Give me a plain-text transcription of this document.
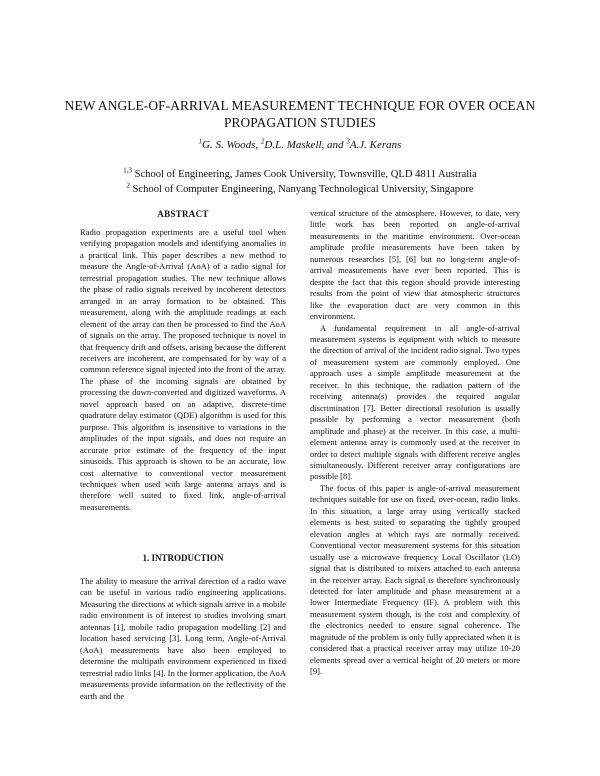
NEW ANGLE-OF-ARRIVAL MEASUREMENT TECHNIQUE FOR OVER OCEAN PROPAGATION STUDIES
$^1$G. S. Woods, $^2$D.L. Maskell, and $^3$A.J. Kerans
$^{1,3}$ School of Engineering, James Cook University, Townsville, QLD 4811 Australia
$^2$ School of Computer Engineering, Nanyang Technological University, Singapore
ABSTRACT

Radio propagation experiments are a useful tool when verifying propagation models and identifying anomalies in a practical link. This paper describes a new method to measure the Angle-of-Arrival (AoA) of a radio signal for terrestrial propagation studies. The new technique allows the phase of radio signals received by incoherent detectors arranged in an array formation to be obtained. This measurement, along with the amplitude readings at each element of the array can then be processed to find the AoA of signals on the array. The proposed technique is novel in that frequency drift and offsets, arising because the different receivers are incoherent, are compensated for by way of a common reference signal injected into the front of the array. The phase of the incoming signals are obtained by processing the down-converted and digitized waveforms. A novel approach based on an adaptive, discrete-time quadrature delay estimator (QDE) algorithm is used for this purpose. This algorithm is insensitive to variations in the amplitudes of the input signals, and does not require an accurate prior estimate of the frequency of the input sinusoids. This approach is shown to be an accurate, low cost alternative to conventional vector measurement techniques when used with large antenna arrays and is therefore well suited to fixed link, angle-of-arrival measurements.

1. INTRODUCTION

The ability to measure the arrival direction of a radio wave can be useful in various radio engineering applications. Measuring the directions at which signals arrive in a mobile radio environment is of interest to studies involving smart antennas [1], mobile radio propagation modelling [2] and location based servicing [3]. Long term, Angle-of-Arrival (AoA) measurements have also been employed to determine the multipath environment experienced in fixed terrestrial radio links [4]. In the former application, the AoA measurements provide information on the reflectivity of the earth and the

vertical structure of the atmosphere. However, to date, very little work has been reported on angle-of-arrival measurements in the maritime environment. Over-ocean amplitude profile measurements have been taken by numerous researches [5], [6] but no long-term angle-of-arrival measurements have ever been reported. This is despite the fact that this region should provide interesting results from the point of view that atmospheric structures like the evaporation duct are very common in this environment.

A fundamental requirement in all angle-of-arrival measurement systems is equipment with which to measure the direction of arrival of the incident radio signal. Two types of measurement system are commonly employed. One approach uses a simple amplitude measurement at the receiver. In this technique, the radiation pattern of the receiving antenna(s) provides the required angular discrimination [7]. Better directional resolution is usually possible by performing a vector measurement (both amplitude and phase) at the receiver. In this case, a multi-element antenna array is commonly used at the receiver in order to detect multiple signals with different receive angles simultaneously. Different receiver array configurations are possible [8].

The focus of this paper is angle-of-arrival measurement techniques suitable for use on fixed, over-ocean, radio links. In this situation, a large array using vertically stacked elements is best suited to separating the tightly grouped elevation angles at which rays are normally received. Conventional vector measurement systems for this situation usually use a microwave frequency Local Oscillator (LO) signal that is distributed to mixers attached to each antenna in the receiver array. Each signal is therefore synchronously detected for later amplitude and phase measurement at a lower Intermediate Frequency (IF). A problem with this measurement system though, is the cost and complexity of the electronics needed to ensure signal coherence. The magnitude of the problem is only fully appreciated when it is considered that a practical receiver array may utilize 10-20 elements spread over a vertical height of 20 meters or more [9].
